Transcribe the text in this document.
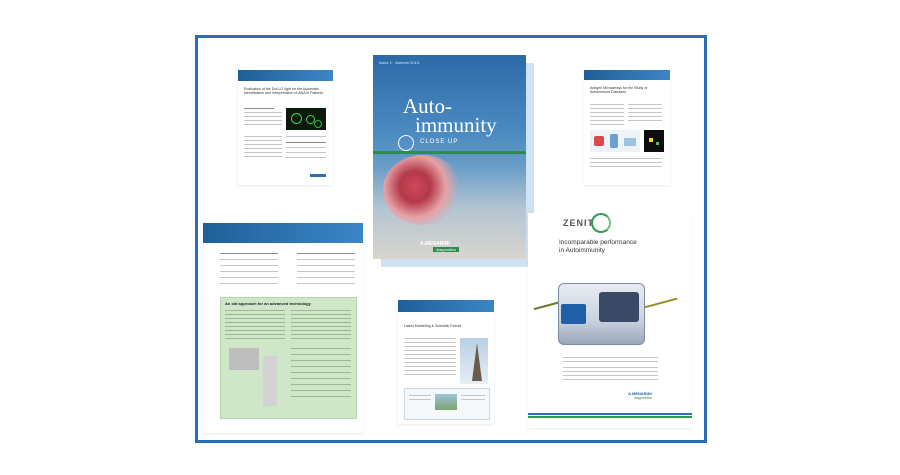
Evaluation of the Dot-LG light for the Automatic Identification and Interpretation of ANA in Patients
Issue 1 · Autumn 2013
Auto-
immunity
CLOSE UP
A.MENARINI
diagnostics
Antigen Microarrays for the Study of Autoimmune Diseases
An old approach for an advanced technology
Latest Marketing & Scientific Events
ZENIT
Incomparable performance
in Autoimmunity
A.MENARINI
diagnostics
